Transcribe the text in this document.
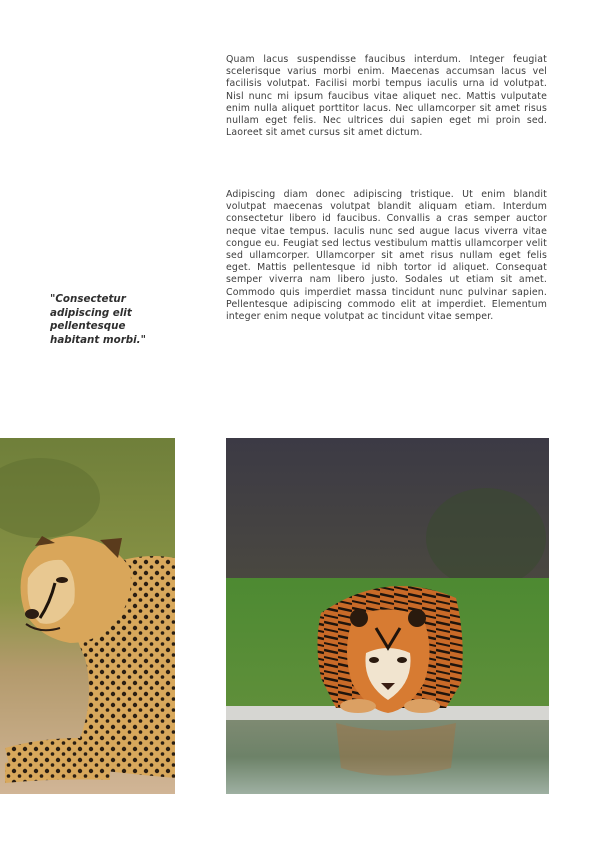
Quam lacus suspendisse faucibus interdum. Integer feugiat scelerisque varius morbi enim. Maecenas accumsan lacus vel facilisis volutpat. Facilisi morbi tempus iaculis urna id volutpat. Nisl nunc mi ipsum faucibus vitae aliquet nec. Mattis vulputate enim nulla aliquet porttitor lacus. Nec ullamcorper sit amet risus nullam eget felis. Nec ultrices dui sapien eget mi proin sed. Laoreet sit amet cursus sit amet dictum.

Adipiscing diam donec adipiscing tristique. Ut enim blandit volutpat maecenas volutpat blandit aliquam etiam. Interdum consectetur libero id faucibus. Convallis a cras semper auctor neque vitae tempus. Iaculis nunc sed augue lacus viverra vitae congue eu. Feugiat sed lectus vestibulum mattis ullamcorper velit sed ullamcorper. Ullamcorper sit amet risus nullam eget felis eget. Mattis pellentesque id nibh tortor id aliquet. Consequat semper viverra nam libero justo. Sodales ut etiam sit amet. Commodo quis imperdiet massa tincidunt nunc pulvinar sapien. Pellentesque adipiscing commodo elit at imperdiet. Elementum integer enim neque volutpat ac tincidunt vitae semper.

"Consectetur adipiscing elit pellentesque habitant morbi."
